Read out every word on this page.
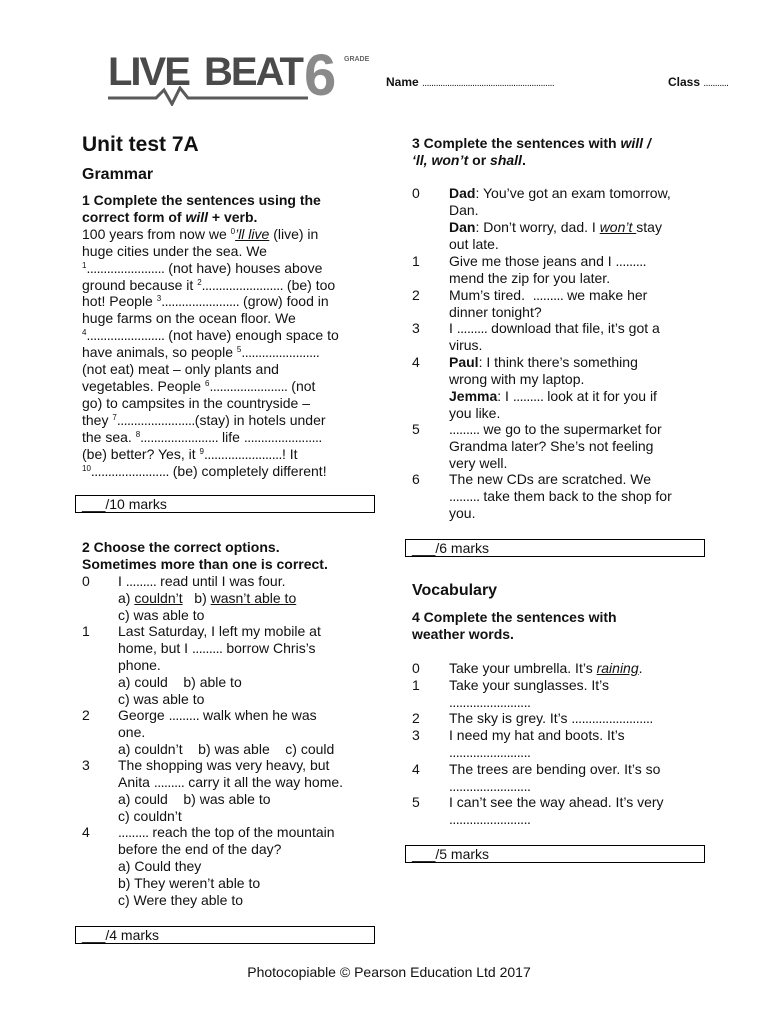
LIVE BEAT 6 GRADE
Name ..........................................................	Class ...........
Unit test 7A
Grammar
1 Complete the sentences using the
correct form of will + verb.
100 years from now we $^0$’ll live (live) in
huge cities under the sea. We
$^1$....................... (not have) houses above
ground because it $^2$........................ (be) too
hot! People $^3$....................... (grow) food in
huge farms on the ocean floor. We
$^4$....................... (not have) enough space to
have animals, so people $^5$.......................
(not eat) meat – only plants and
vegetables. People $^6$....................... (not
go) to campsites in the countryside –
they $^7$.......................(stay) in hotels under
the sea. $^8$....................... life .......................
(be) better? Yes, it $^9$.......................! It
$^{10}$....................... (be) completely different!
___/10 marks
2 Choose the correct options.
Sometimes more than one is correct.
0 I ......... read until I was four.
a) couldn’t   b) wasn’t able to
c) was able to
1 Last Saturday, I left my mobile at
home, but I ......... borrow Chris’s
phone.
a) could    b) able to
c) was able to
2 George ......... walk when he was
one.
a) couldn’t    b) was able    c) could
3 The shopping was very heavy, but
Anita ......... carry it all the way home.
a) could    b) was able to
c) couldn’t
4 ......... reach the top of the mountain
before the end of the day?
a) Could they
b) They weren’t able to
c) Were they able to
___/4 marks
3 Complete the sentences with will /
‘ll, won’t or shall.
0 Dad: You’ve got an exam tomorrow,
Dan.
Dan: Don’t worry, dad. I won’t stay
out late.
1 Give me those jeans and I .........
mend the zip for you later.
2 Mum’s tired.  ......... we make her
dinner tonight?
3 I ......... download that file, it’s got a
virus.
4 Paul: I think there’s something
wrong with my laptop.
Jemma: I ......... look at it for you if
you like.
5 ......... we go to the supermarket for
Grandma later? She’s not feeling
very well.
6 The new CDs are scratched. We
......... take them back to the shop for
you.
___/6 marks
Vocabulary
4 Complete the sentences with
weather words.
0 Take your umbrella. It’s raining.
1 Take your sunglasses. It’s
........................
2 The sky is grey. It’s ........................
3 I need my hat and boots. It’s
........................
4 The trees are bending over. It’s so
........................
5 I can’t see the way ahead. It’s very
........................
___/5 marks
Photocopiable © Pearson Education Ltd 2017
